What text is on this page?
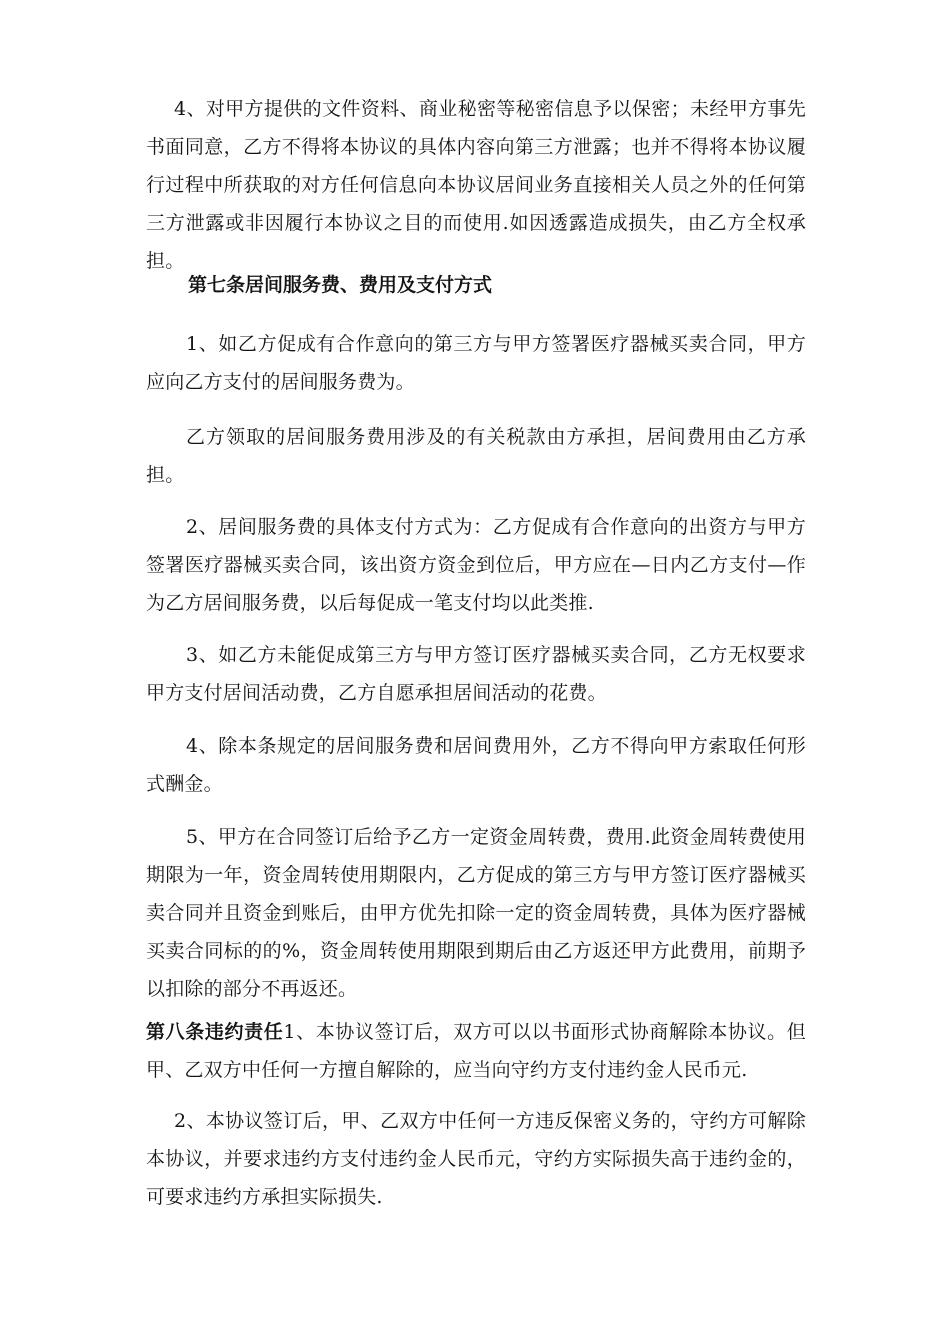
4、对甲方提供的文件资料、商业秘密等秘密信息予以保密；未经甲方事先书面同意，乙方不得将本协议的具体内容向第三方泄露；也并不得将本协议履行过程中所获取的对方任何信息向本协议居间业务直接相关人员之外的任何第三方泄露或非因履行本协议之目的而使用.如因透露造成损失，由乙方全权承担。

第七条居间服务费、费用及支付方式

1、如乙方促成有合作意向的第三方与甲方签署医疗器械买卖合同，甲方应向乙方支付的居间服务费为。

乙方领取的居间服务费用涉及的有关税款由方承担，居间费用由乙方承担。

2、居间服务费的具体支付方式为：乙方促成有合作意向的出资方与甲方签署医疗器械买卖合同，该出资方资金到位后，甲方应在—日内乙方支付—作为乙方居间服务费，以后每促成一笔支付均以此类推.

3、如乙方未能促成第三方与甲方签订医疗器械买卖合同，乙方无权要求甲方支付居间活动费，乙方自愿承担居间活动的花费。

4、除本条规定的居间服务费和居间费用外，乙方不得向甲方索取任何形式酬金。

5、甲方在合同签订后给予乙方一定资金周转费，费用.此资金周转费使用期限为一年，资金周转使用期限内，乙方促成的第三方与甲方签订医疗器械买卖合同并且资金到账后，由甲方优先扣除一定的资金周转费，具体为医疗器械买卖合同标的的%，资金周转使用期限到期后由乙方返还甲方此费用，前期予以扣除的部分不再返还。

第八条违约责任1、本协议签订后，双方可以以书面形式协商解除本协议。但甲、乙双方中任何一方擅自解除的，应当向守约方支付违约金人民币元.

2、本协议签订后，甲、乙双方中任何一方违反保密义务的，守约方可解除本协议，并要求违约方支付违约金人民币元，守约方实际损失高于违约金的，可要求违约方承担实际损失.
